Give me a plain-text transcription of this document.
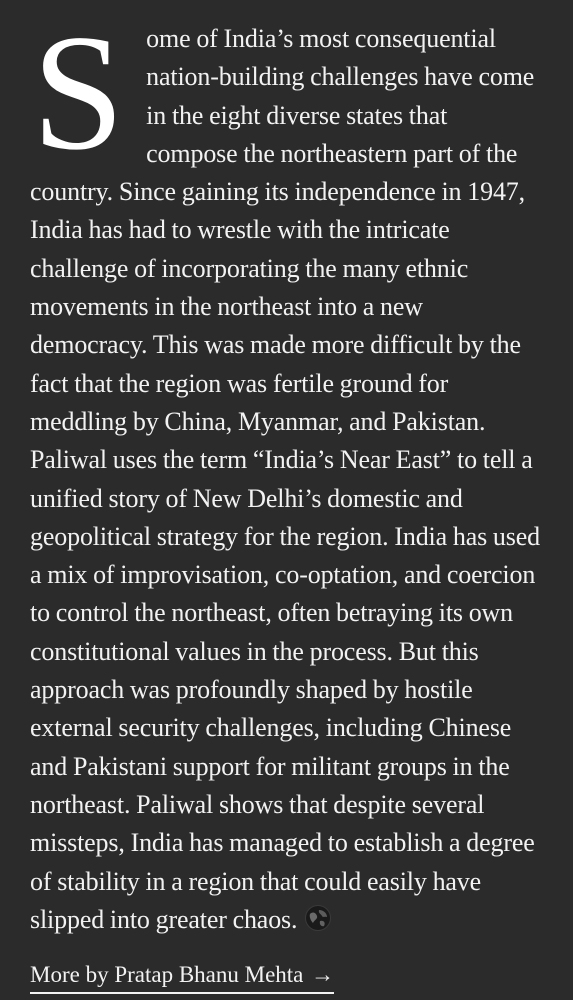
Some of India’s most consequential nation-building challenges have come in the eight diverse states that compose the northeastern part of the country. Since gaining its independence in 1947, India has had to wrestle with the intricate challenge of incorporating the many ethnic movements in the northeast into a new democracy. This was made more difficult by the fact that the region was fertile ground for meddling by China, Myanmar, and Pakistan. Paliwal uses the term “India’s Near East” to tell a unified story of New Delhi’s domestic and geopolitical strategy for the region. India has used a mix of improvisation, co-optation, and coercion to control the northeast, often betraying its own constitutional values in the process. But this approach was profoundly shaped by hostile external security challenges, including Chinese and Pakistani support for militant groups in the northeast. Paliwal shows that despite several missteps, India has managed to establish a degree of stability in a region that could easily have slipped into greater chaos.

More by Pratap Bhanu Mehta →
